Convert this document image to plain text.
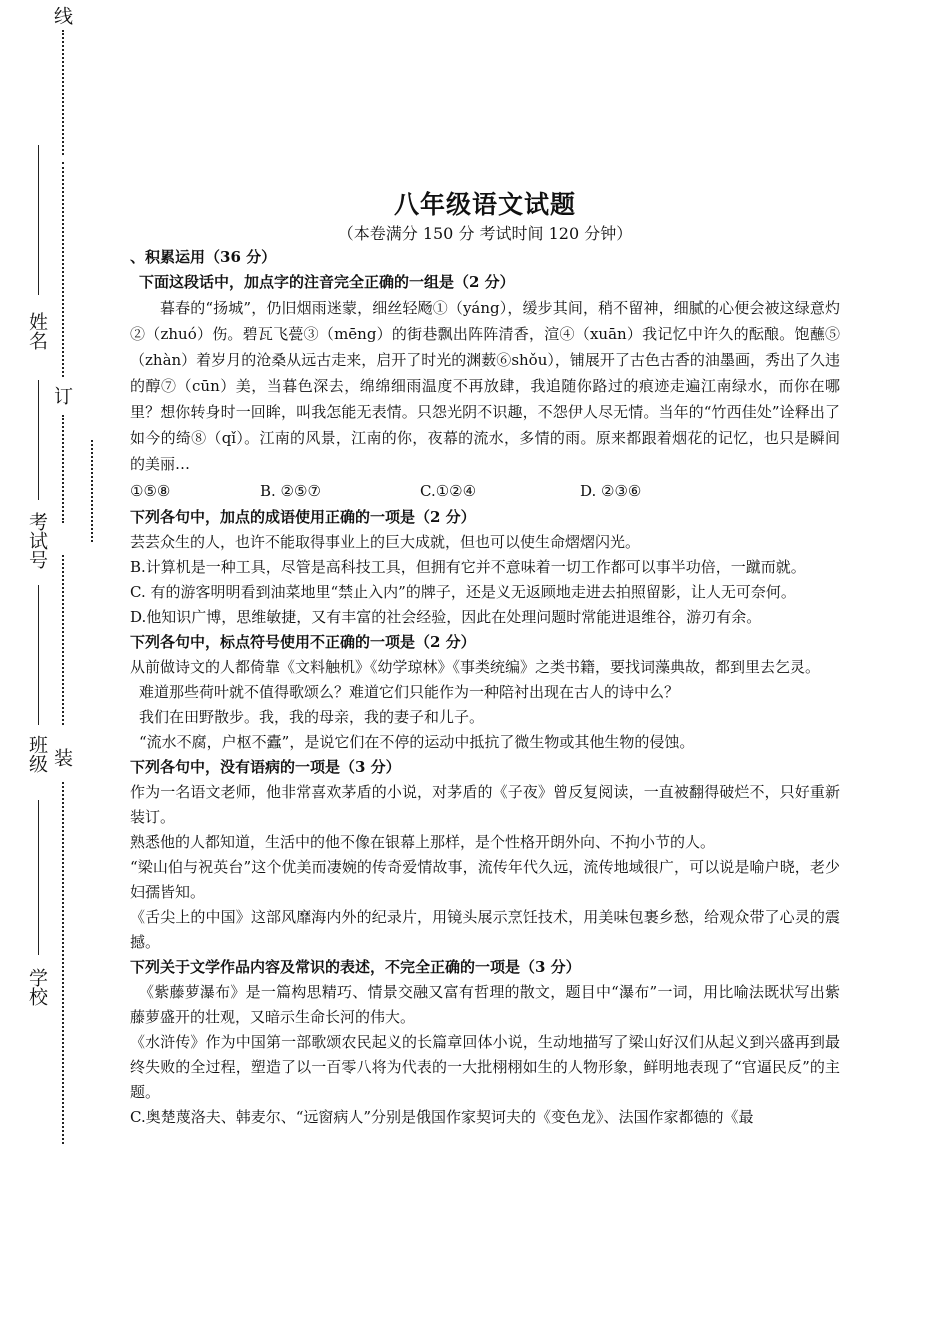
线
订
装
姓名
考试号
班级
学校

八年级语文试题

（本卷满分 150 分 考试时间 120 分钟）

、积累运用（36 分）

下面这段话中，加点字的注音完全正确的一组是（2 分）

暮春的“扬城”，仍旧烟雨迷蒙，细丝轻飏①（yáng），缓步其间，稍不留神，细腻的心便会被这绿意灼②（zhuó）伤。碧瓦飞甍③（mēng）的街巷飘出阵阵清香，渲④（xuān）我记忆中许久的酝酿。饱蘸⑤（zhàn）着岁月的沧桑从远古走来，启开了时光的渊薮⑥shǒu），铺展开了古色古香的油墨画，秀出了久违的醇⑦（cūn）美，当暮色深去，绵绵细雨温度不再放肆，我追随你路过的痕迹走遍江南绿水，而你在哪里？想你转身时一回眸，叫我怎能无表情。只怨光阴不识趣，不怨伊人尽无情。当年的“竹西佳处”诠释出了如今的绮⑧（qǐ）。江南的风景，江南的你，夜幕的流水，多情的雨。原来都跟着烟花的记忆，也只是瞬间的美丽…

①⑤⑧	B. ②⑤⑦	C.①②④	D. ②③⑥

下列各句中，加点的成语使用正确的一项是（2 分）

芸芸众生的人，也许不能取得事业上的巨大成就，但也可以使生命熠熠闪光。

B.计算机是一种工具，尽管是高科技工具，但拥有它并不意味着一切工作都可以事半功倍，一蹴而就。

C. 有的游客明明看到油菜地里“禁止入内”的牌子，还是义无返顾地走进去拍照留影，让人无可奈何。

D.他知识广博，思维敏捷，又有丰富的社会经验，因此在处理问题时常能进退维谷，游刃有余。

下列各句中，标点符号使用不正确的一项是（2 分）

从前做诗文的人都倚靠《文料触机》《幼学琼林》《事类统编》之类书籍，要找词藻典故，都到里去乞灵。

难道那些荷叶就不值得歌颂么？难道它们只能作为一种陪衬出现在古人的诗中么？

我们在田野散步。我，我的母亲，我的妻子和儿子。

“流水不腐，户枢不蠹”，是说它们在不停的运动中抵抗了微生物或其他生物的侵蚀。

下列各句中，没有语病的一项是（3 分）

作为一名语文老师，他非常喜欢茅盾的小说，对茅盾的《子夜》曾反复阅读，一直被翻得破烂不，只好重新装订。

熟悉他的人都知道，生活中的他不像在银幕上那样，是个性格开朗外向、不拘小节的人。

“梁山伯与祝英台”这个优美而凄婉的传奇爱情故事，流传年代久远，流传地域很广，可以说是喻户晓，老少妇孺皆知。

《舌尖上的中国》这部风靡海内外的纪录片，用镜头展示烹饪技术，用美味包裹乡愁，给观众带了心灵的震撼。

下列关于文学作品内容及常识的表述，不完全正确的一项是（3 分）

《紫藤萝瀑布》是一篇构思精巧、情景交融又富有哲理的散文，题目中“瀑布”一词，用比喻法既状写出紫藤萝盛开的壮观，又暗示生命长河的伟大。

《水浒传》作为中国第一部歌颂农民起义的长篇章回体小说，生动地描写了梁山好汉们从起义到兴盛再到最终失败的全过程，塑造了以一百零八将为代表的一大批栩栩如生的人物形象，鲜明地表现了“官逼民反”的主题。

C.奥楚蔑洛夫、韩麦尔、“远窗病人”分别是俄国作家契诃夫的《变色龙》、法国作家都德的《最
